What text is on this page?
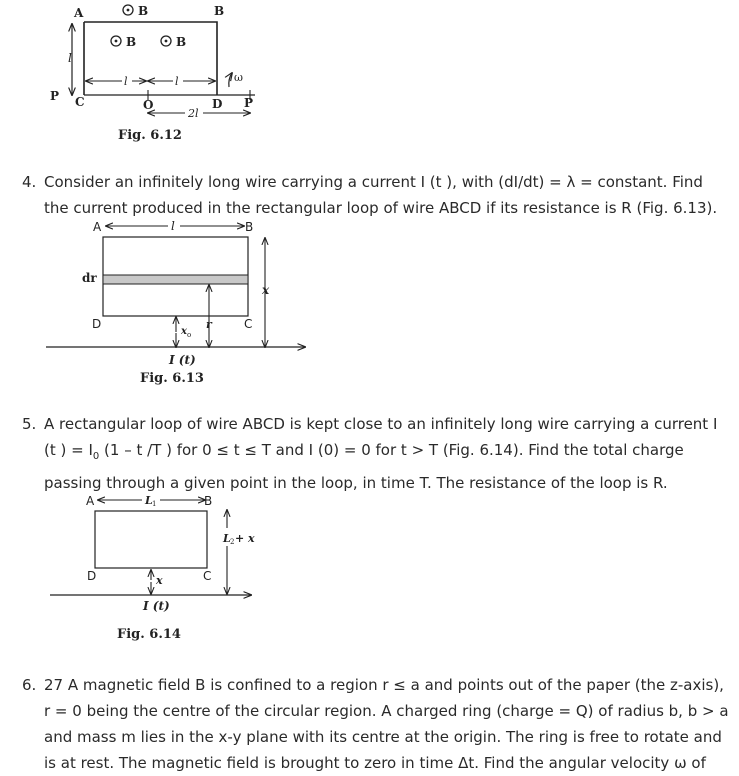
l
l	l
2l
ω
A	B
C
P
O	D P
B
B	B
Fig. 6.12
4. Consider an infinitely long wire carrying a current I (t ), with (dI/dt) = λ = constant. Find
the current produced in the rectangular loop of wire ABCD if its resistance is R (Fig. 6.13).
l
A	B
dr
D	C
x
r
x o
I (t)
Fig. 6.13
5. A rectangular loop of wire ABCD is kept close to an infinitely long wire carrying a current I
(t ) = $I_0$ (1 – t /T ) for 0 ≤ t ≤ T and I (0) = 0 for t > T (Fig. 6.14). Find the total charge
passing through a given point in the loop, in time T. The resistance of the loop is R.
L 1
A	B
D	C
L 2 + x
x
I (t)
Fig. 6.14
6. 27 A magnetic field B is confined to a region r ≤ a and points out of the paper (the z-axis),
r = 0 being the centre of the circular region. A charged ring (charge = Q) of radius b, b > a
and mass m lies in the x-y plane with its centre at the origin. The ring is free to rotate and
is at rest. The magnetic field is brought to zero in time Δt. Find the angular velocity ω of
